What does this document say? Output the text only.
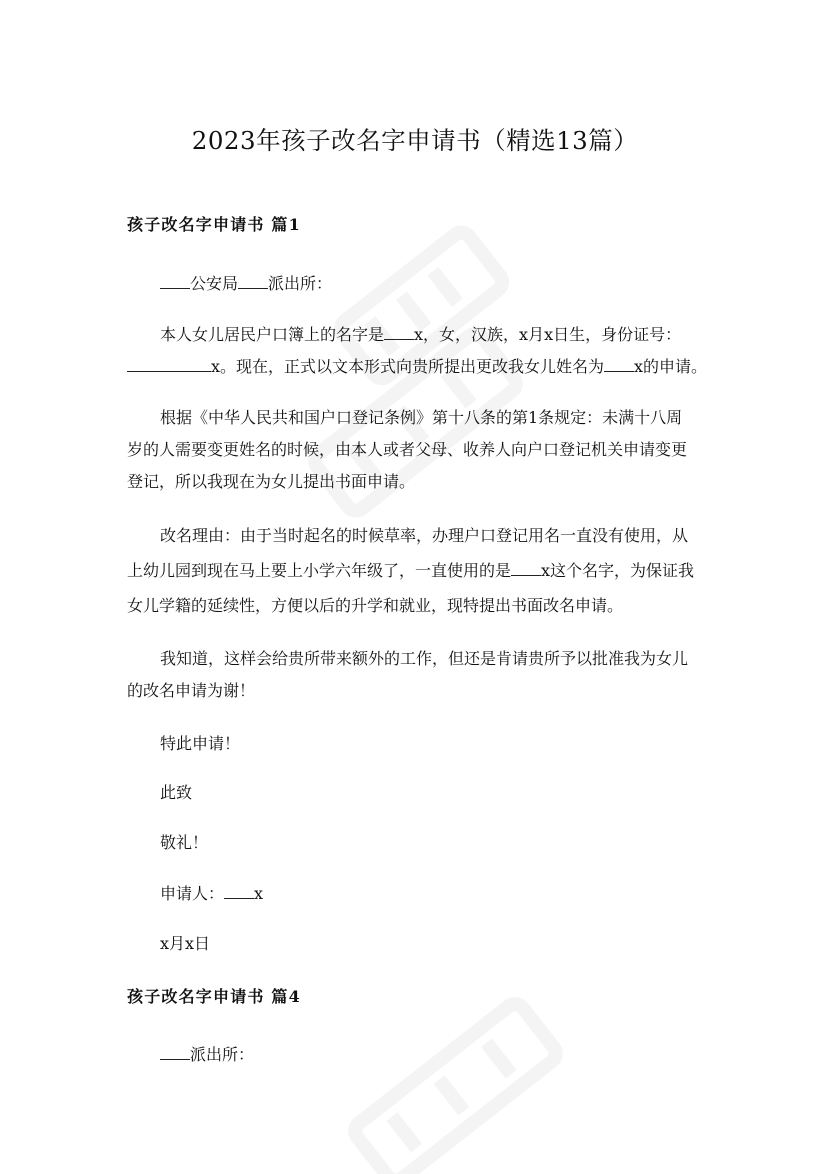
2023年孩子改名字申请书（精选13篇）
孩子改名字申请书 篇1

公安局 派出所：

本人女儿居民户口簿上的名字是 x，女，汉族，x月x日生，身份证号：

x。现在，正式以文本形式向贵所提出更改我女儿姓名为 x的申请。

根据《中华人民共和国户口登记条例》第十八条的第1条规定：未满十八周

岁的人需要变更姓名的时候，由本人或者父母、收养人向户口登记机关申请变更

登记，所以我现在为女儿提出书面申请。

改名理由：由于当时起名的时候草率，办理户口登记用名一直没有使用，从

上幼儿园到现在马上要上小学六年级了，一直使用的是 x这个名字，为保证我

女儿学籍的延续性，方便以后的升学和就业，现特提出书面改名申请。

我知道，这样会给贵所带来额外的工作，但还是肯请贵所予以批准我为女儿

的改名申请为谢！

特此申请！

此致

敬礼！

申请人： x

x月x日

孩子改名字申请书 篇4

派出所：
